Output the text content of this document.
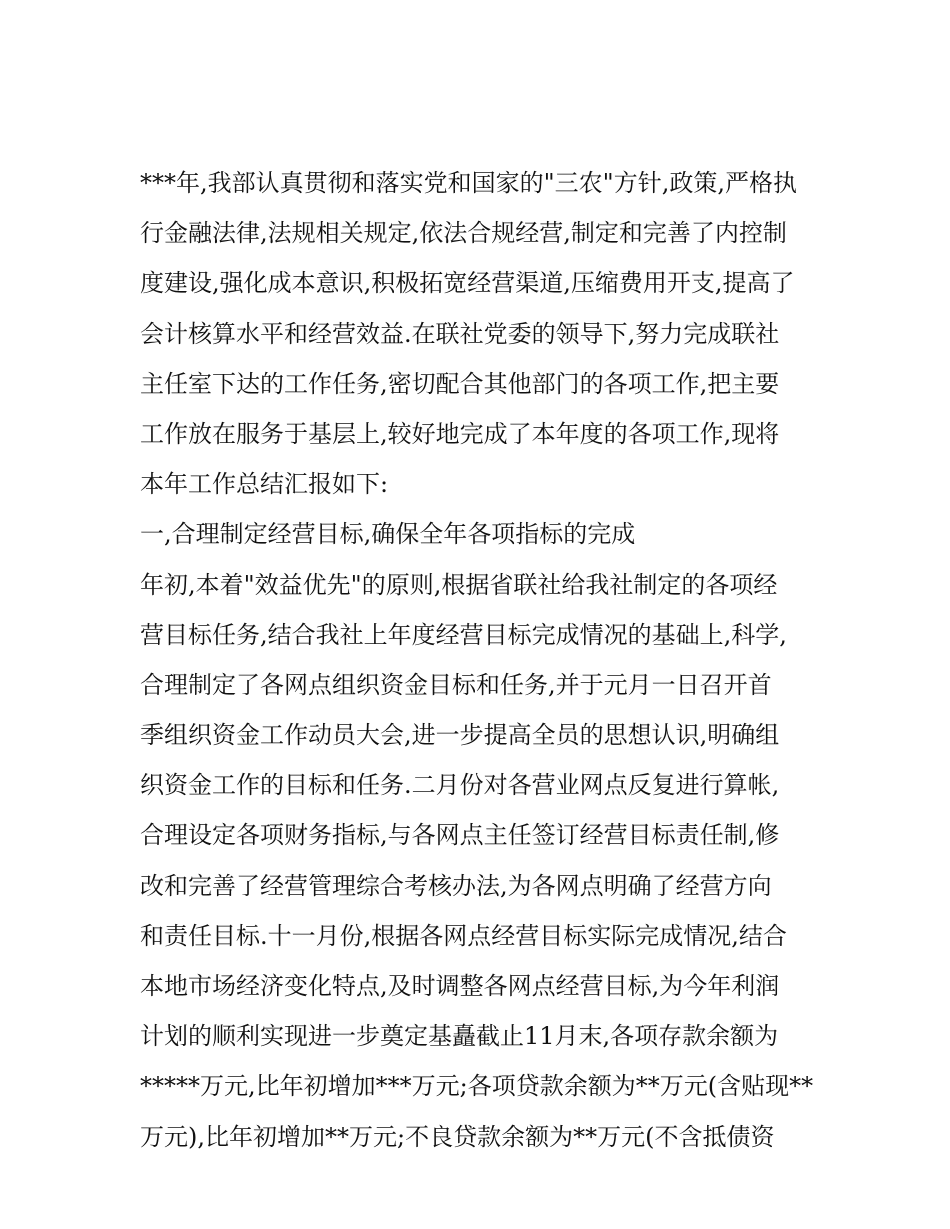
***年,我部认真贯彻和落实党和国家的"三农"方针,政策,严格执
行金融法律,法规相关规定,依法合规经营,制定和完善了内控制
度建设,强化成本意识,积极拓宽经营渠道,压缩费用开支,提高了
会计核算水平和经营效益.在联社党委的领导下,努力完成联社
主任室下达的工作任务,密切配合其他部门的各项工作,把主要
工作放在服务于基层上,较好地完成了本年度的各项工作,现将
本年工作总结汇报如下:
一,合理制定经营目标,确保全年各项指标的完成
年初,本着"效益优先"的原则,根据省联社给我社制定的各项经
营目标任务,结合我社上年度经营目标完成情况的基础上,科学,
合理制定了各网点组织资金目标和任务,并于元月一日召开首
季组织资金工作动员大会,进一步提高全员的思想认识,明确组
织资金工作的目标和任务.二月份对各营业网点反复进行算帐,
合理设定各项财务指标,与各网点主任签订经营目标责任制,修
改和完善了经营管理综合考核办法,为各网点明确了经营方向
和责任目标.十一月份,根据各网点经营目标实际完成情况,结合
本地市场经济变化特点,及时调整各网点经营目标,为今年利润
计划的顺利实现进一步奠定基矗截止11月末,各项存款余额为
*****万元,比年初增加***万元;各项贷款余额为**万元(含贴现**
万元),比年初增加**万元;不良贷款余额为**万元(不含抵债资
